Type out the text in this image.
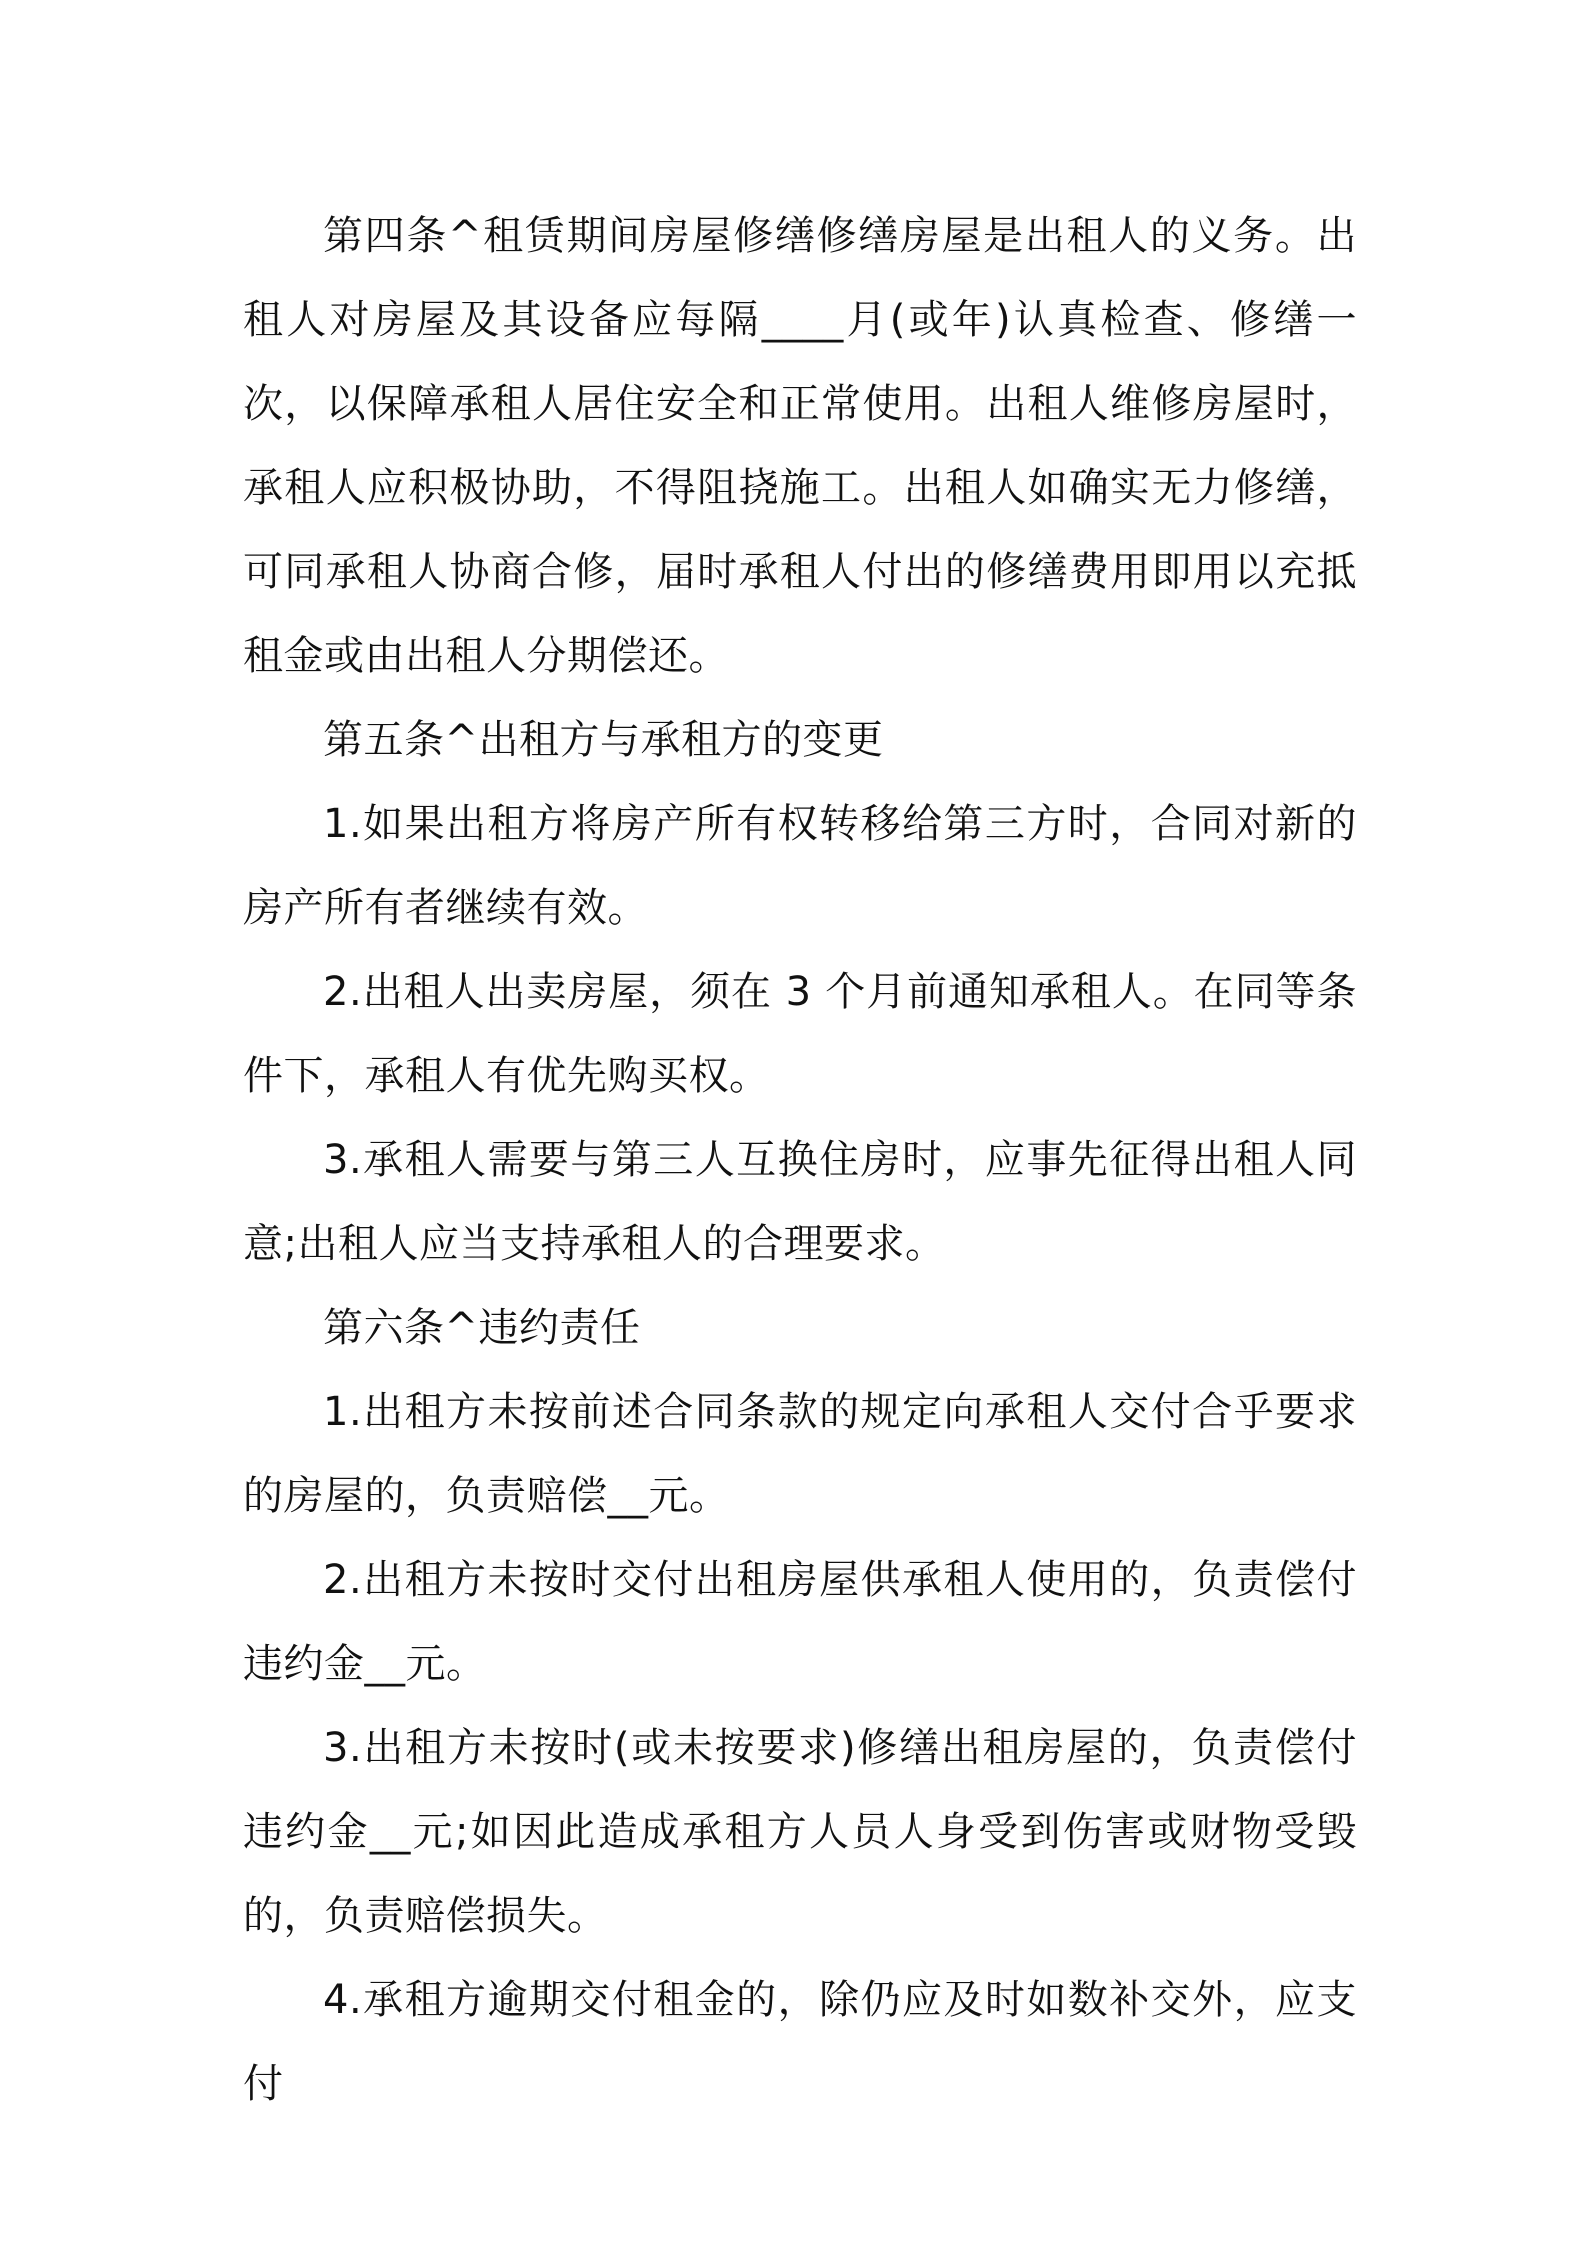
第四条^租赁期间房屋修缮修缮房屋是出租人的义务。出租人对房屋及其设备应每隔____月(或年)认真检查、修缮一次，以保障承租人居住安全和正常使用。出租人维修房屋时，承租人应积极协助，不得阻挠施工。出租人如确实无力修缮，可同承租人协商合修，届时承租人付出的修缮费用即用以充抵租金或由出租人分期偿还。

第五条^出租方与承租方的变更

1.如果出租方将房产所有权转移给第三方时，合同对新的房产所有者继续有效。

2.出租人出卖房屋，须在 3 个月前通知承租人。在同等条件下，承租人有优先购买权。

3.承租人需要与第三人互换住房时，应事先征得出租人同意;出租人应当支持承租人的合理要求。

第六条^违约责任

1.出租方未按前述合同条款的规定向承租人交付合乎要求的房屋的，负责赔偿__元。

2.出租方未按时交付出租房屋供承租人使用的，负责偿付违约金__元。

3.出租方未按时(或未按要求)修缮出租房屋的，负责偿付违约金__元;如因此造成承租方人员人身受到伤害或财物受毁的，负责赔偿损失。

4.承租方逾期交付租金的，除仍应及时如数补交外，应支付
